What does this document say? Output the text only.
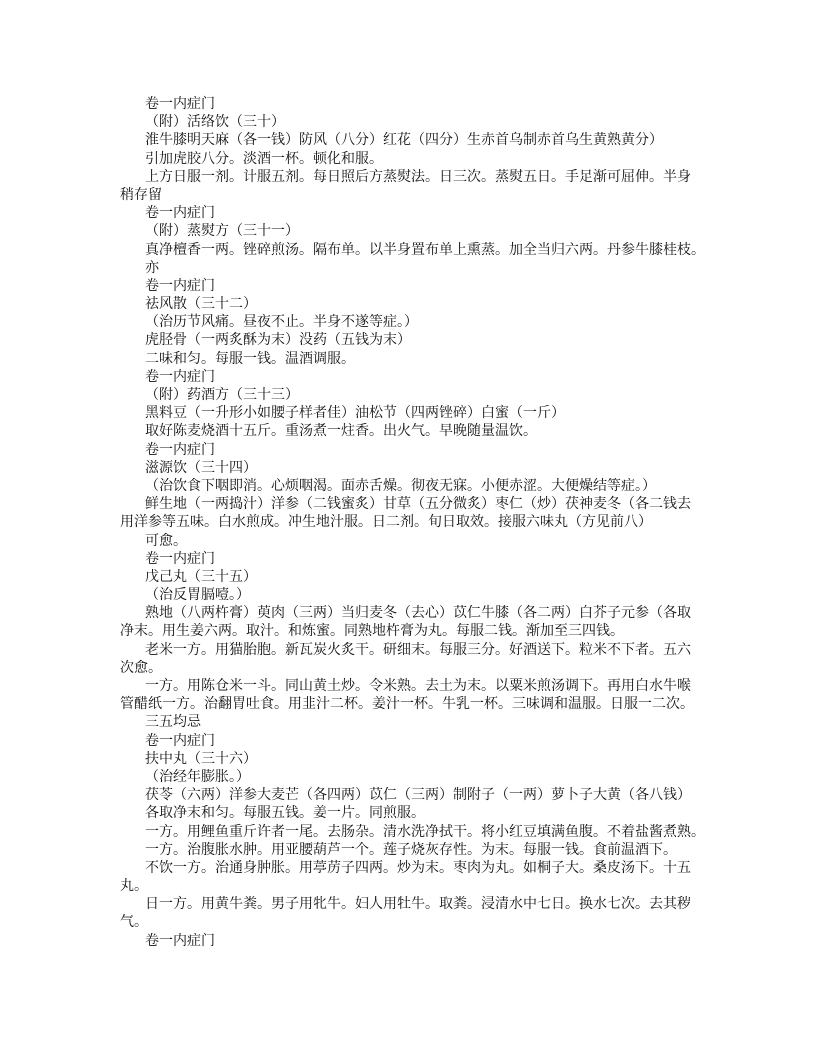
卷一内症门
（附）活络饮（三十）
淮牛膝明天麻（各一钱）防风（八分）红花（四分）生赤首乌制赤首乌生黄熟黄分）
引加虎胶八分。淡酒一杯。顿化和服。
上方日服一剂。计服五剂。每日照后方蒸熨法。日三次。蒸熨五日。手足渐可屈伸。半身
稍存留
卷一内症门
（附）蒸熨方（三十一）
真净檀香一两。锉碎煎汤。隔布单。以半身置布单上熏蒸。加全当归六两。丹参牛膝桂枝。
亦
卷一内症门
祛风散（三十二）
（治历节风痛。昼夜不止。半身不遂等症。）
虎胫骨（一两炙酥为末）没药（五钱为末）
二味和匀。每服一钱。温酒调服。
卷一内症门
（附）药酒方（三十三）
黑料豆（一升形小如腰子样者佳）油松节（四两锉碎）白蜜（一斤）
取好陈麦烧酒十五斤。重汤煮一炷香。出火气。早晚随量温饮。
卷一内症门
滋源饮（三十四）
（治饮食下咽即消。心烦咽渴。面赤舌燥。彻夜无寐。小便赤涩。大便燥结等症。）
鲜生地（一两捣汁）洋参（二钱蜜炙）甘草（五分微炙）枣仁（炒）茯神麦冬（各二钱去
用洋参等五味。白水煎成。冲生地汁服。日二剂。旬日取效。接服六味丸（方见前八）
可愈。
卷一内症门
戊己丸（三十五）
（治反胃膈噎。）
熟地（八两杵膏）萸肉（三两）当归麦冬（去心）苡仁牛膝（各二两）白芥子元参（各取
净末。用生姜六两。取汁。和炼蜜。同熟地杵膏为丸。每服二钱。渐加至三四钱。
老米一方。用猫胎胞。新瓦炭火炙干。研细末。每服三分。好酒送下。粒米不下者。五六
次愈。
一方。用陈仓米一斗。同山黄土炒。令米熟。去土为末。以粟米煎汤调下。再用白水牛喉
管醋纸一方。治翻胃吐食。用韭汁二杯。姜汁一杯。牛乳一杯。三味调和温服。日服一二次。
三五均忌
卷一内症门
扶中丸（三十六）
（治经年膨胀。）
茯苓（六两）洋参大麦芒（各四两）苡仁（三两）制附子（一两）萝卜子大黄（各八钱）
各取净末和匀。每服五钱。姜一片。同煎服。
一方。用鲤鱼重斤许者一尾。去肠杂。清水洗净拭干。将小红豆填满鱼腹。不着盐酱煮熟。
一方。治腹胀水肿。用亚腰葫芦一个。莲子烧灰存性。为末。每服一钱。食前温酒下。
不饮一方。治通身肿胀。用葶苈子四两。炒为末。枣肉为丸。如桐子大。桑皮汤下。十五
丸。
日一方。用黄牛粪。男子用牝牛。妇人用牡牛。取粪。浸清水中七日。换水七次。去其秽
气。
卷一内症门
